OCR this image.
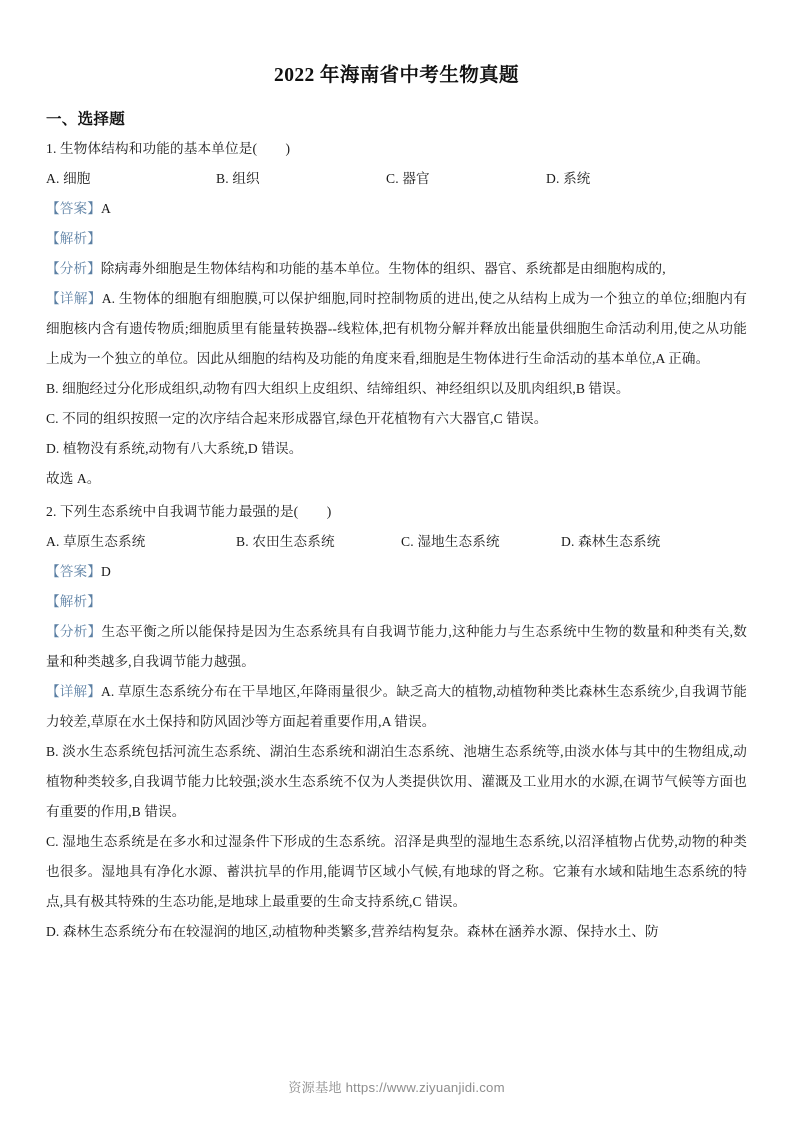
2022 年海南省中考生物真题
一、选择题
1. 生物体结构和功能的基本单位是(        )
A. 细胞	B. 组织	C. 器官	D. 系统
【答案】A
【解析】

【分析】除病毒外细胞是生物体结构和功能的基本单位。生物体的组织、器官、系统都是由细胞构成的,

【详解】A. 生物体的细胞有细胞膜,可以保护细胞,同时控制物质的进出,使之从结构上成为一个独立的单位;细胞内有细胞核内含有遗传物质;细胞质里有能量转换器--线粒体,把有机物分解并释放出能量供细胞生命活动利用,使之从功能上成为一个独立的单位。因此从细胞的结构及功能的角度来看,细胞是生物体进行生命活动的基本单位,A 正确。

B. 细胞经过分化形成组织,动物有四大组织上皮组织、结缔组织、神经组织以及肌肉组织,B 错误。

C. 不同的组织按照一定的次序结合起来形成器官,绿色开花植物有六大器官,C 错误。

D. 植物没有系统,动物有八大系统,D 错误。

故选 A。

2. 下列生态系统中自我调节能力最强的是(        )
A. 草原生态系统	B. 农田生态系统	C. 湿地生态系统	D. 森林生态系统
【答案】D
【解析】

【分析】生态平衡之所以能保持是因为生态系统具有自我调节能力,这种能力与生态系统中生物的数量和种类有关,数量和种类越多,自我调节能力越强。

【详解】A. 草原生态系统分布在干旱地区,年降雨量很少。缺乏高大的植物,动植物种类比森林生态系统少,自我调节能力较差,草原在水土保持和防风固沙等方面起着重要作用,A 错误。

B. 淡水生态系统包括河流生态系统、湖泊生态系统和湖泊生态系统、池塘生态系统等,由淡水体与其中的生物组成,动植物种类较多,自我调节能力比较强;淡水生态系统不仅为人类提供饮用、灌溉及工业用水的水源,在调节气候等方面也有重要的作用,B 错误。

C. 湿地生态系统是在多水和过湿条件下形成的生态系统。沼泽是典型的湿地生态系统,以沼泽植物占优势,动物的种类也很多。湿地具有净化水源、蓄洪抗旱的作用,能调节区域小气候,有地球的肾之称。它兼有水域和陆地生态系统的特点,具有极其特殊的生态功能,是地球上最重要的生命支持系统,C 错误。

D. 森林生态系统分布在较湿润的地区,动植物种类繁多,营养结构复杂。森林在涵养水源、保持水土、防

资源基地 https://www.ziyuanjidi.com
